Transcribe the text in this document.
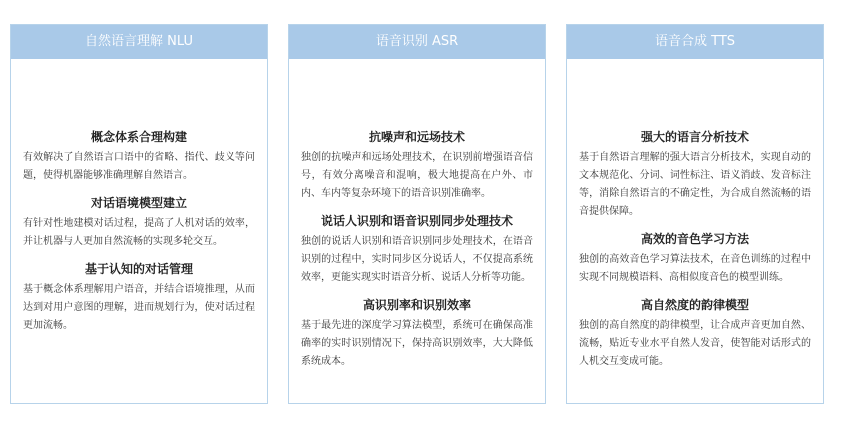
自然语言理解 NLU
概念体系合理构建
有效解决了自然语言口语中的省略、指代、歧义等问题，使得机器能够准确理解自然语言。
对话语境模型建立
有针对性地建模对话过程，提高了人机对话的效率，并让机器与人更加自然流畅的实现多轮交互。
基于认知的对话管理
基于概念体系理解用户语音，并结合语境推理，从而达到对用户意图的理解，进而规划行为，使对话过程更加流畅。
语音识别 ASR
抗噪声和远场技术
独创的抗噪声和远场处理技术，在识别前增强语音信号，有效分离噪音和混响，极大地提高在户外、市内、车内等复杂环境下的语音识别准确率。
说话人识别和语音识别同步处理技术
独创的说话人识别和语音识别同步处理技术，在语音识别的过程中，实时同步区分说话人，不仅提高系统效率，更能实现实时语音分析、说话人分析等功能。
高识别率和识别效率
基于最先进的深度学习算法模型，系统可在确保高准确率的实时识别情况下，保持高识别效率，大大降低系统成本。
语音合成 TTS
强大的语言分析技术
基于自然语言理解的强大语言分析技术，实现自动的文本规范化、分词、词性标注、语义消歧、发音标注等，消除自然语言的不确定性，为合成自然流畅的语音提供保障。
高效的音色学习方法
独创的高效音色学习算法技术，在音色训练的过程中实现不同规模语料、高相似度音色的模型训练。
高自然度的韵律模型
独创的高自然度的韵律模型，让合成声音更加自然、流畅，贴近专业水平自然人发音，使智能对话形式的人机交互变成可能。
